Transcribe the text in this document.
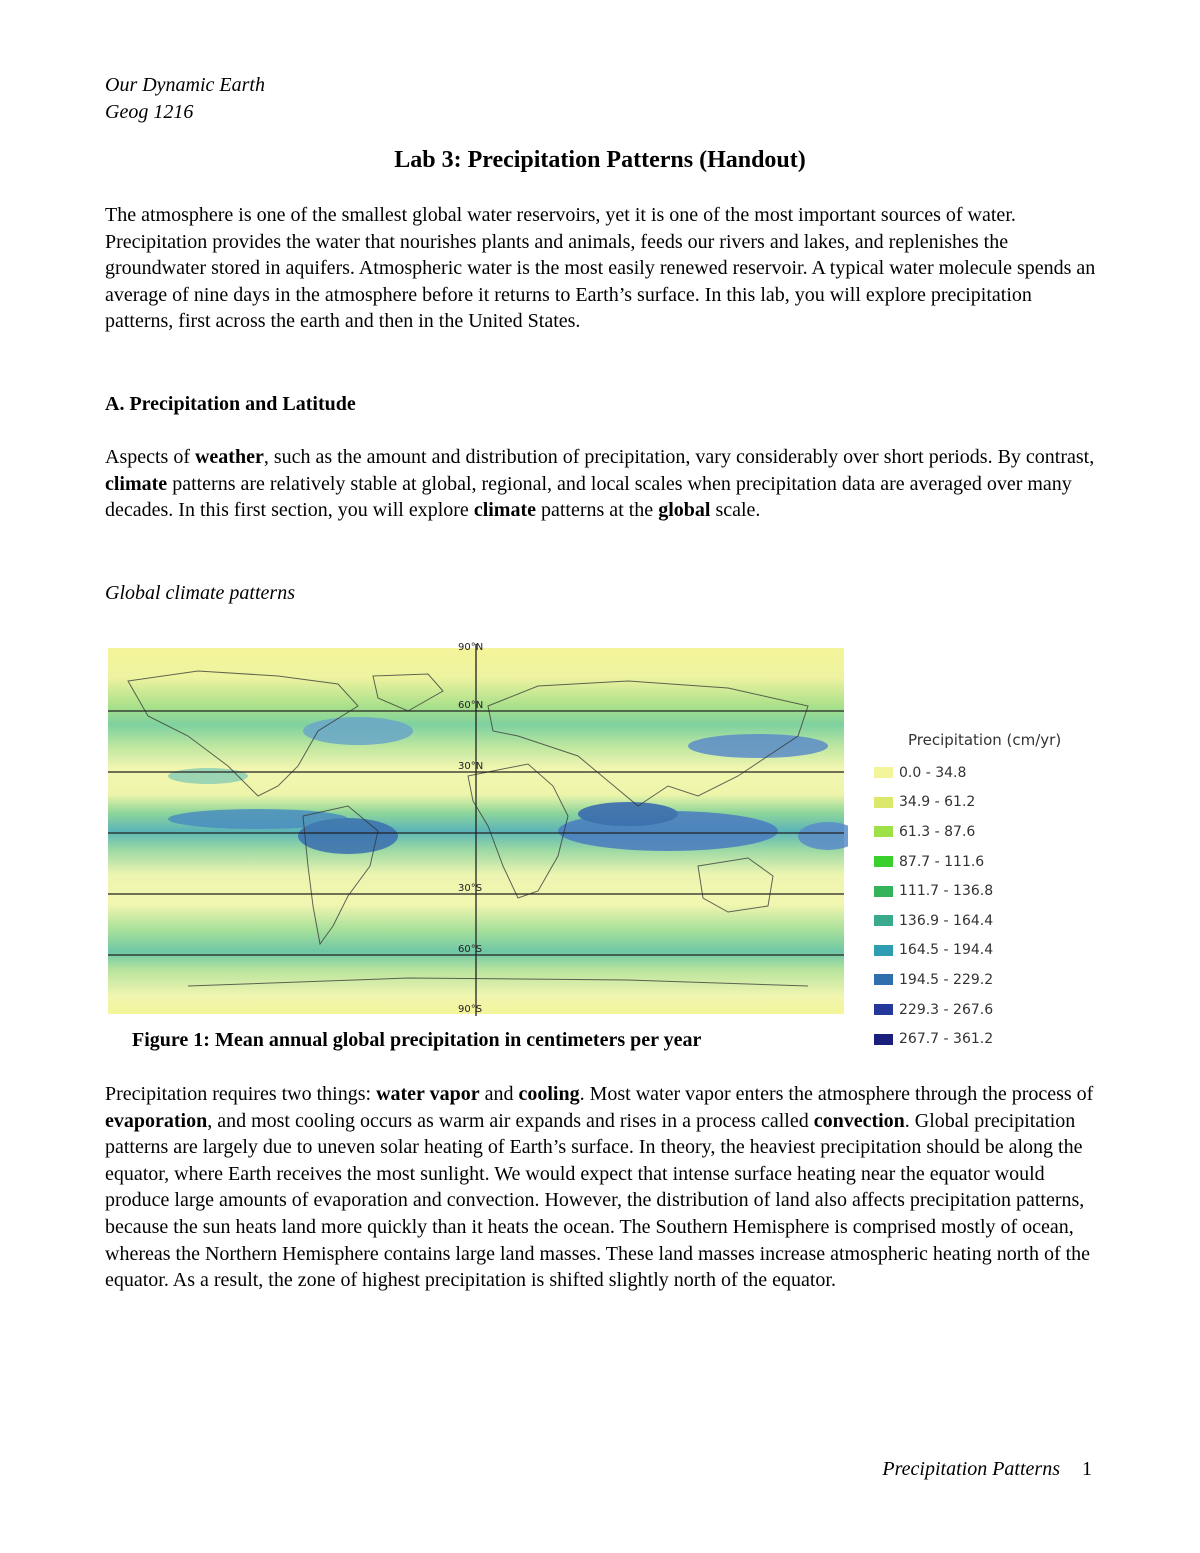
Our Dynamic Earth
Geog 1216
Lab 3: Precipitation Patterns (Handout)
The atmosphere is one of the smallest global water reservoirs, yet it is one of the most important sources of water. Precipitation provides the water that nourishes plants and animals, feeds our rivers and lakes, and replenishes the groundwater stored in aquifers. Atmospheric water is the most easily renewed reservoir. A typical water molecule spends an average of nine days in the atmosphere before it returns to Earth’s surface. In this lab, you will explore precipitation patterns, first across the earth and then in the United States.
A. Precipitation and Latitude
Aspects of weather, such as the amount and distribution of precipitation, vary considerably over short periods. By contrast, climate patterns are relatively stable at global, regional, and local scales when precipitation data are averaged over many decades. In this first section, you will explore climate patterns at the global scale.
Global climate patterns
90°N
60°N
30°N
30°S
60°S
90°S
Precipitation (cm/yr)
0.0 - 34.8
34.9 - 61.2
61.3 - 87.6
87.7 - 111.6
111.7 - 136.8
136.9 - 164.4
164.5 - 194.4
194.5 - 229.2
229.3 - 267.6
267.7 - 361.2
Figure 1: Mean annual global precipitation in centimeters per year
Precipitation requires two things: water vapor and cooling. Most water vapor enters the atmosphere through the process of evaporation, and most cooling occurs as warm air expands and rises in a process called convection. Global precipitation patterns are largely due to uneven solar heating of Earth’s surface. In theory, the heaviest precipitation should be along the equator, where Earth receives the most sunlight. We would expect that intense surface heating near the equator would produce large amounts of evaporation and convection. However, the distribution of land also affects precipitation patterns, because the sun heats land more quickly than it heats the ocean. The Southern Hemisphere is comprised mostly of ocean, whereas the Northern Hemisphere contains large land masses. These land masses increase atmospheric heating north of the equator. As a result, the zone of highest precipitation is shifted slightly north of the equator.
Precipitation Patterns 1
